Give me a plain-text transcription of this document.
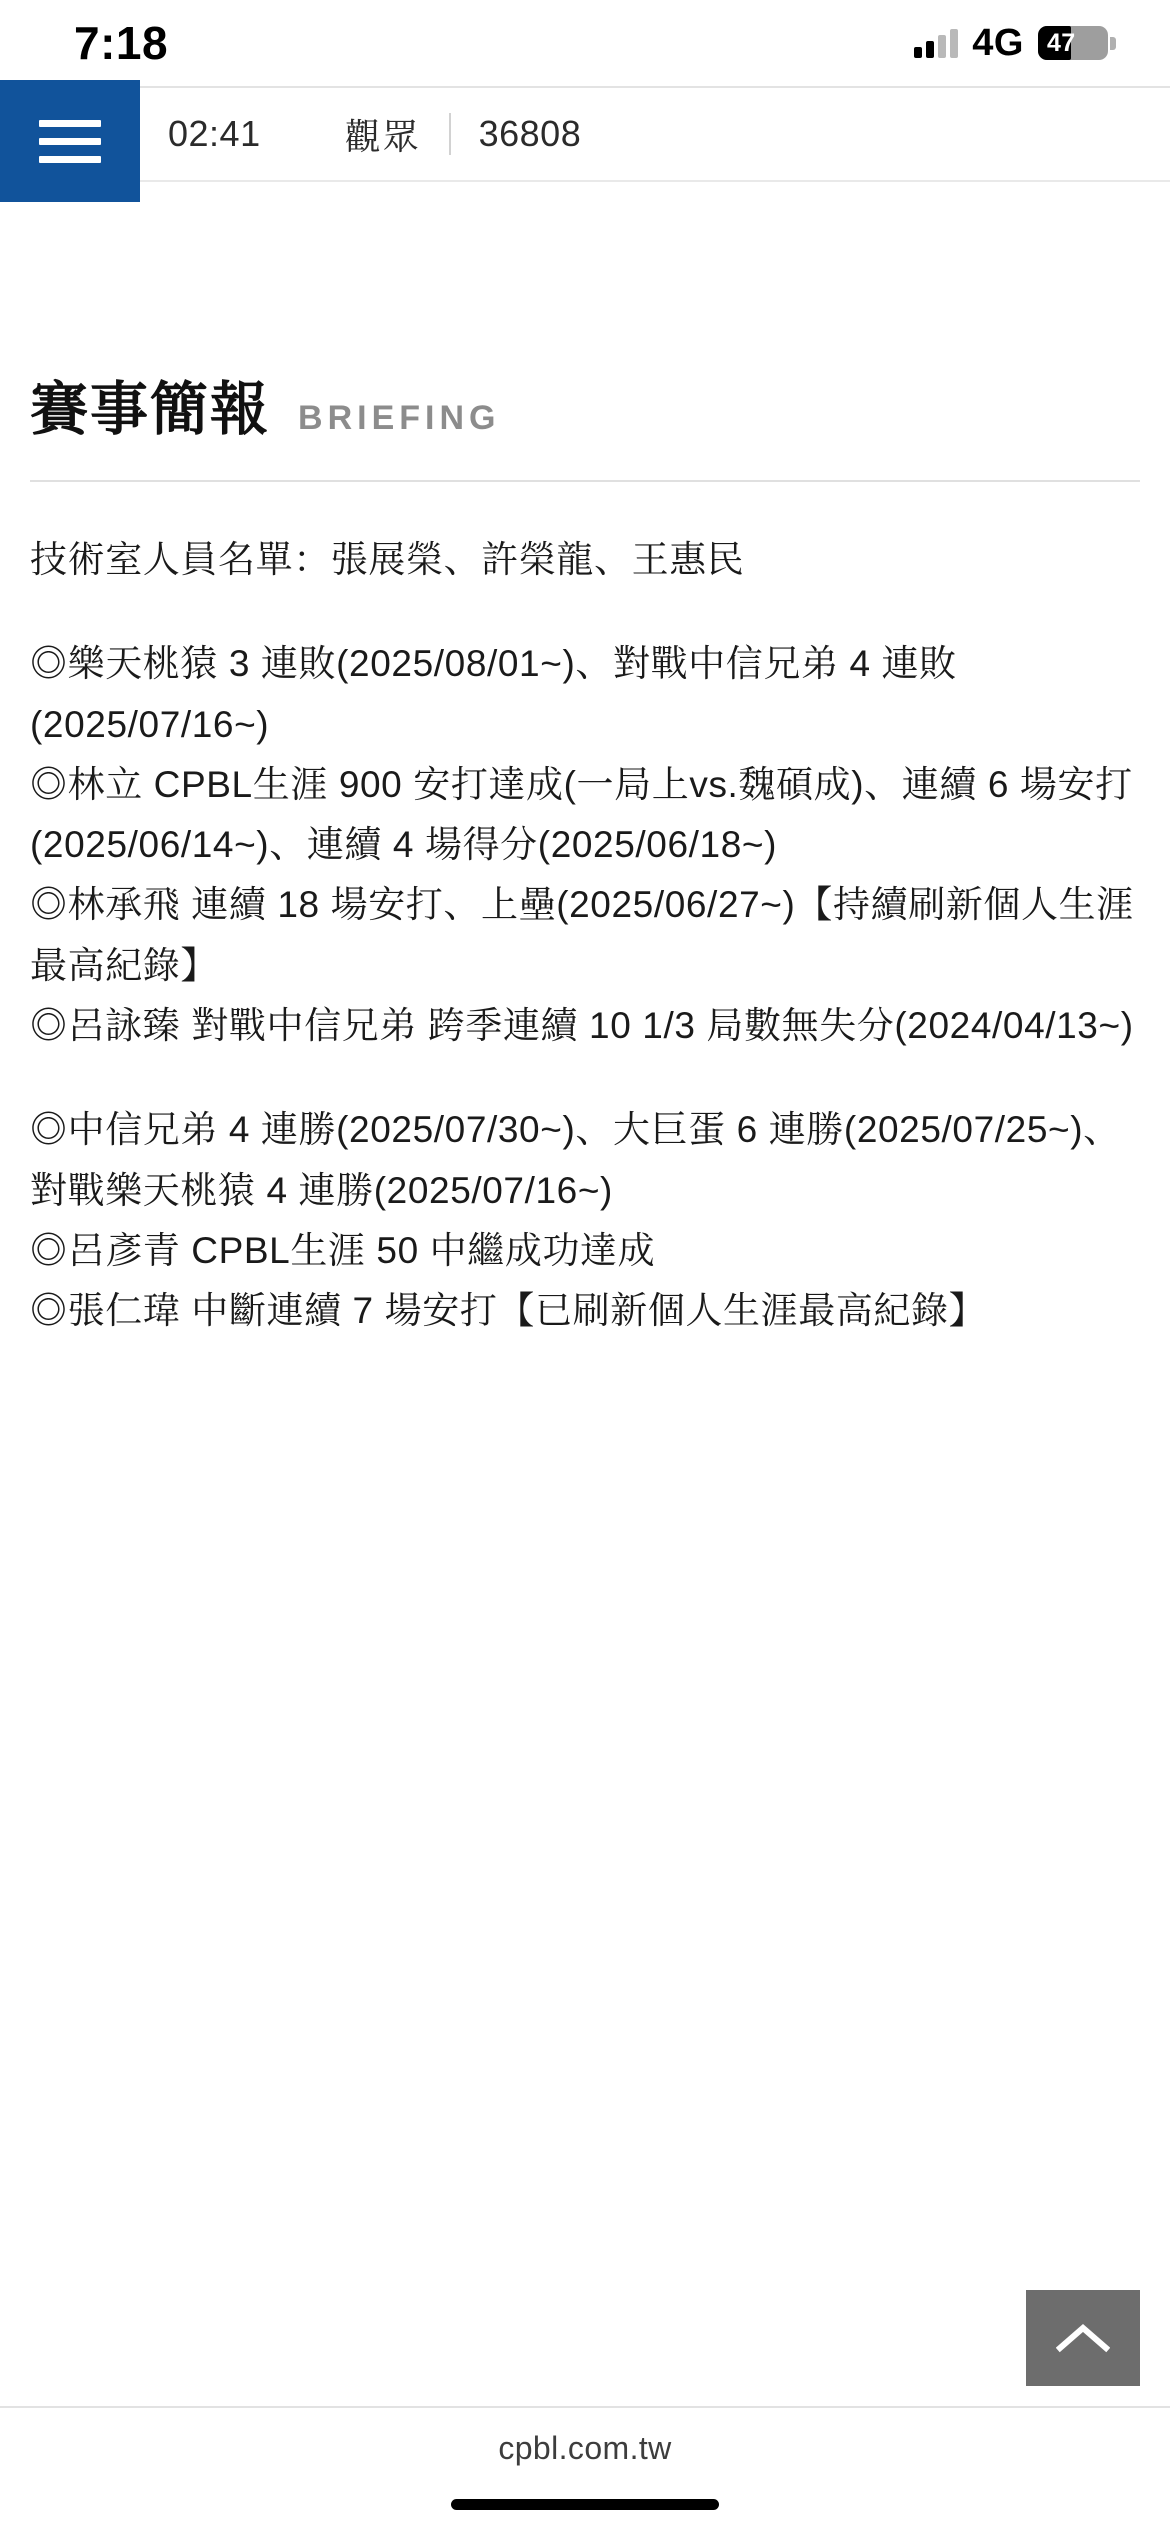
7:18	4G 47
02:41 觀眾 36808
賽事簡報 BRIEFING

技術室人員名單：張展榮、許榮龍、王惠民

◎樂天桃猿 3 連敗(2025/08/01~)、對戰中信兄弟 4 連敗(2025/07/16~)

◎林立 CPBL生涯 900 安打達成(一局上vs.魏碩成)、連續 6 場安打(2025/06/14~)、連續 4 場得分(2025/06/18~)

◎林承飛 連續 18 場安打、上壘(2025/06/27~)【持續刷新個人生涯最高紀錄】

◎呂詠臻 對戰中信兄弟 跨季連續 10 1/3 局數無失分(2024/04/13~)

◎中信兄弟 4 連勝(2025/07/30~)、大巨蛋 6 連勝(2025/07/25~)、對戰樂天桃猿 4 連勝(2025/07/16~)

◎呂彥青 CPBL生涯 50 中繼成功達成

◎張仁瑋 中斷連續 7 場安打【已刷新個人生涯最高紀錄】

cpbl.com.tw
